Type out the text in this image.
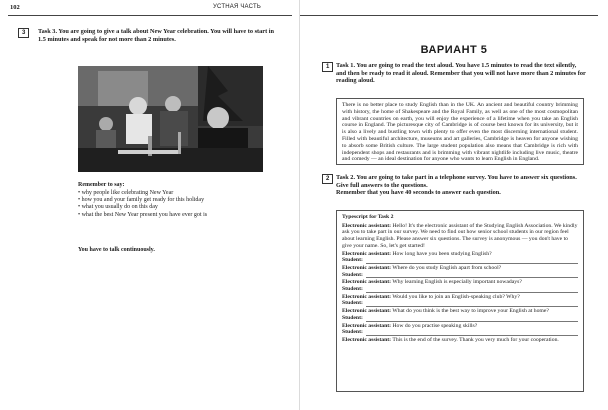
102	УСТНАЯ ЧАСТЬ
3	Task 3. You are going to give a talk about New Year celebration. You will have to start in 1.5 minutes and speak for not more than 2 minutes.
Remember to say:
• why people like celebrating New Year
• how you and your family get ready for this holiday
• what you usually do on this day
• what the best New Year present you have ever got is
You have to talk continuously.
ВАРИАНТ 5
1	Task 1. You are going to read the text aloud. You have 1.5 minutes to read the text silently, and then be ready to read it aloud. Remember that you will not have more than 2 minutes for reading aloud.
There is no better place to study English than in the UK. An ancient and beautiful country brimming with history, the home of Shakespeare and the Royal Family, as well as one of the most cosmopolitan and vibrant countries on earth, you will enjoy the experience of a lifetime when you take an English course in England. The picturesque city of Cambridge is of course best known for its university, but it is also a lively and bustling town with plenty to offer even the most discerning international student. Filled with beautiful architecture, museums and art galleries, Cambridge is heaven for anyone wishing to absorb some British culture. The large student population also means that Cambridge is rich with independent shops and restaurants and is brimming with vibrant nightlife including live music, theatre and comedy — an ideal destination for anyone who wants to learn English in England.
2	Task 2. You are going to take part in a telephone survey. You have to answer six questions. Give full answers to the questions.
Remember that you have 40 seconds to answer each question.
Typescript for Task 2
Electronic assistant: Hello! It's the electronic assistant of the Studying English Association. We kindly ask you to take part in our survey. We need to find out how senior school students in our region feel about learning English. Please answer six questions. The survey is anonymous — you don't have to give your name. So, let's get started!
Electronic assistant: How long have you been studying English?
Student:
Electronic assistant: Where do you study English apart from school?
Student:
Electronic assistant: Why learning English is especially important nowadays?
Student:
Electronic assistant: Would you like to join an English-speaking club? Why?
Student:
Electronic assistant: What do you think is the best way to improve your English at home?
Student:
Electronic assistant: How do you practise speaking skills?
Student:
Electronic assistant: This is the end of the survey. Thank you very much for your cooperation.
